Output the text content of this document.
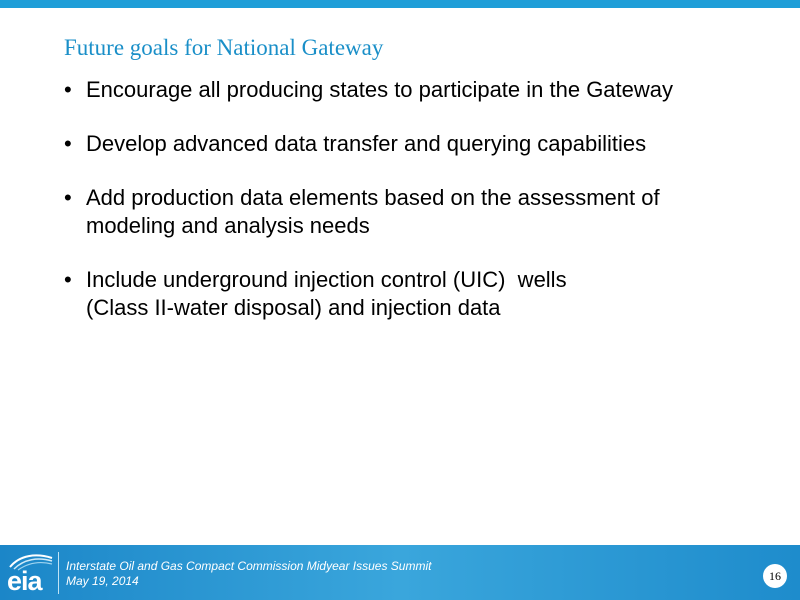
Future goals for National Gateway
• Encourage all producing states to participate in the Gateway
• Develop advanced data transfer and querying capabilities
• Add production data elements based on the assessment of
modeling and analysis needs
• Include underground injection control (UIC)  wells
(Class II-water disposal) and injection data
eia Interstate Oil and Gas Compact Commission Midyear Issues Summit
May 19, 2014	16
